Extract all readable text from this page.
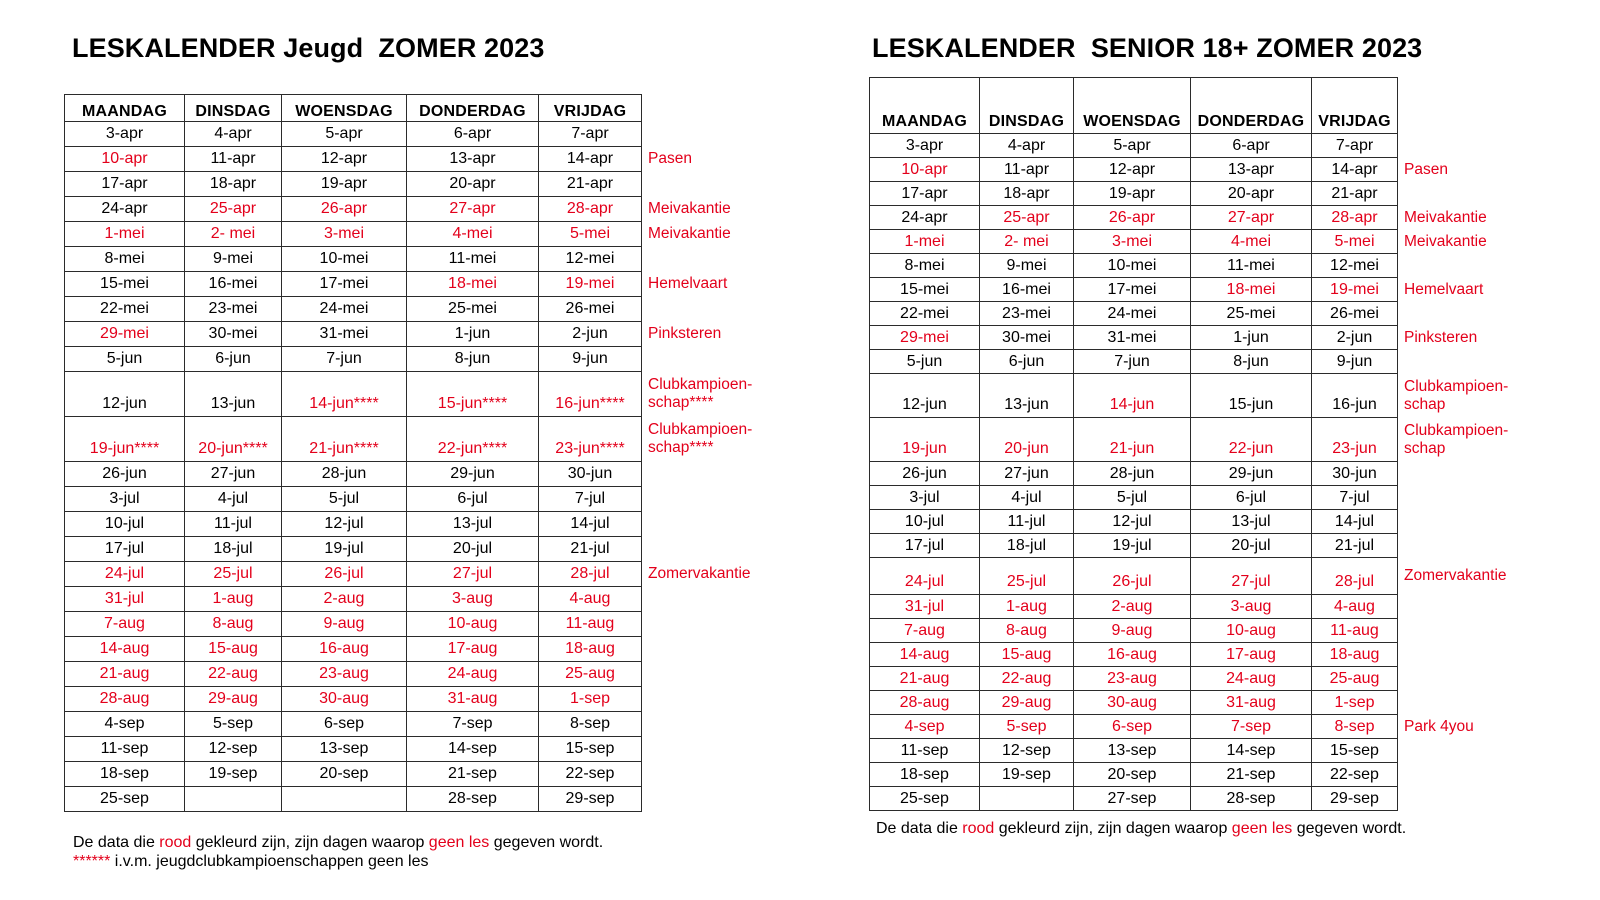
LESKALENDER Jeugd  ZOMER 2023	LESKALENDER  SENIOR 18+ ZOMER 2023
MAANDAG	DINSDAG	WOENSDAG	DONDERDAG	VRIJDAG	
3-apr	4-apr	5-apr	6-apr	7-apr	
10-apr	11-apr	12-apr	13-apr	14-apr	Pasen
17-apr	18-apr	19-apr	20-apr	21-apr	
24-apr	25-apr	26-apr	27-apr	28-apr	Meivakantie
1-mei	2- mei	3-mei	4-mei	5-mei	Meivakantie
8-mei	9-mei	10-mei	11-mei	12-mei	
15-mei	16-mei	17-mei	18-mei	19-mei	Hemelvaart
22-mei	23-mei	24-mei	25-mei	26-mei	
29-mei	30-mei	31-mei	1-jun	2-jun	Pinksteren
5-jun	6-jun	7-jun	8-jun	9-jun	
12-jun	13-jun	14-jun****	15-jun****	16-jun****	Clubkampioen-
schap****
19-jun****	20-jun****	21-jun****	22-jun****	23-jun****	Clubkampioen-
schap****
26-jun	27-jun	28-jun	29-jun	30-jun	
3-jul	4-jul	5-jul	6-jul	7-jul	
10-jul	11-jul	12-jul	13-jul	14-jul	
17-jul	18-jul	19-jul	20-jul	21-jul	
24-jul	25-jul	26-jul	27-jul	28-jul	Zomervakantie
31-jul	1-aug	2-aug	3-aug	4-aug	
7-aug	8-aug	9-aug	10-aug	11-aug	
14-aug	15-aug	16-aug	17-aug	18-aug	
21-aug	22-aug	23-aug	24-aug	25-aug	
28-aug	29-aug	30-aug	31-aug	1-sep	
4-sep	5-sep	6-sep	7-sep	8-sep	
11-sep	12-sep	13-sep	14-sep	15-sep	
18-sep	19-sep	20-sep	21-sep	22-sep	
25-sep			28-sep	29-sep	
MAANDAG	DINSDAG	WOENSDAG	DONDERDAG	VRIJDAG	
3-apr	4-apr	5-apr	6-apr	7-apr	
10-apr	11-apr	12-apr	13-apr	14-apr	Pasen
17-apr	18-apr	19-apr	20-apr	21-apr	
24-apr	25-apr	26-apr	27-apr	28-apr	Meivakantie
1-mei	2- mei	3-mei	4-mei	5-mei	Meivakantie
8-mei	9-mei	10-mei	11-mei	12-mei	
15-mei	16-mei	17-mei	18-mei	19-mei	Hemelvaart
22-mei	23-mei	24-mei	25-mei	26-mei	
29-mei	30-mei	31-mei	1-jun	2-jun	Pinksteren
5-jun	6-jun	7-jun	8-jun	9-jun	
12-jun	13-jun	14-jun	15-jun	16-jun	Clubkampioen-
schap
19-jun	20-jun	21-jun	22-jun	23-jun	Clubkampioen-
schap
26-jun	27-jun	28-jun	29-jun	30-jun	
3-jul	4-jul	5-jul	6-jul	7-jul	
10-jul	11-jul	12-jul	13-jul	14-jul	
17-jul	18-jul	19-jul	20-jul	21-jul	
24-jul	25-jul	26-jul	27-jul	28-jul	Zomervakantie
31-jul	1-aug	2-aug	3-aug	4-aug	
7-aug	8-aug	9-aug	10-aug	11-aug	
14-aug	15-aug	16-aug	17-aug	18-aug	
21-aug	22-aug	23-aug	24-aug	25-aug	
28-aug	29-aug	30-aug	31-aug	1-sep	
4-sep	5-sep	6-sep	7-sep	8-sep	Park 4you
11-sep	12-sep	13-sep	14-sep	15-sep	
18-sep	19-sep	20-sep	21-sep	22-sep	
25-sep		27-sep	28-sep	29-sep	
De data die rood gekleurd zijn, zijn dagen waarop geen les gegeven wordt.
****** i.v.m. jeugdclubkampioenschappen geen les
De data die rood gekleurd zijn, zijn dagen waarop geen les gegeven wordt.
